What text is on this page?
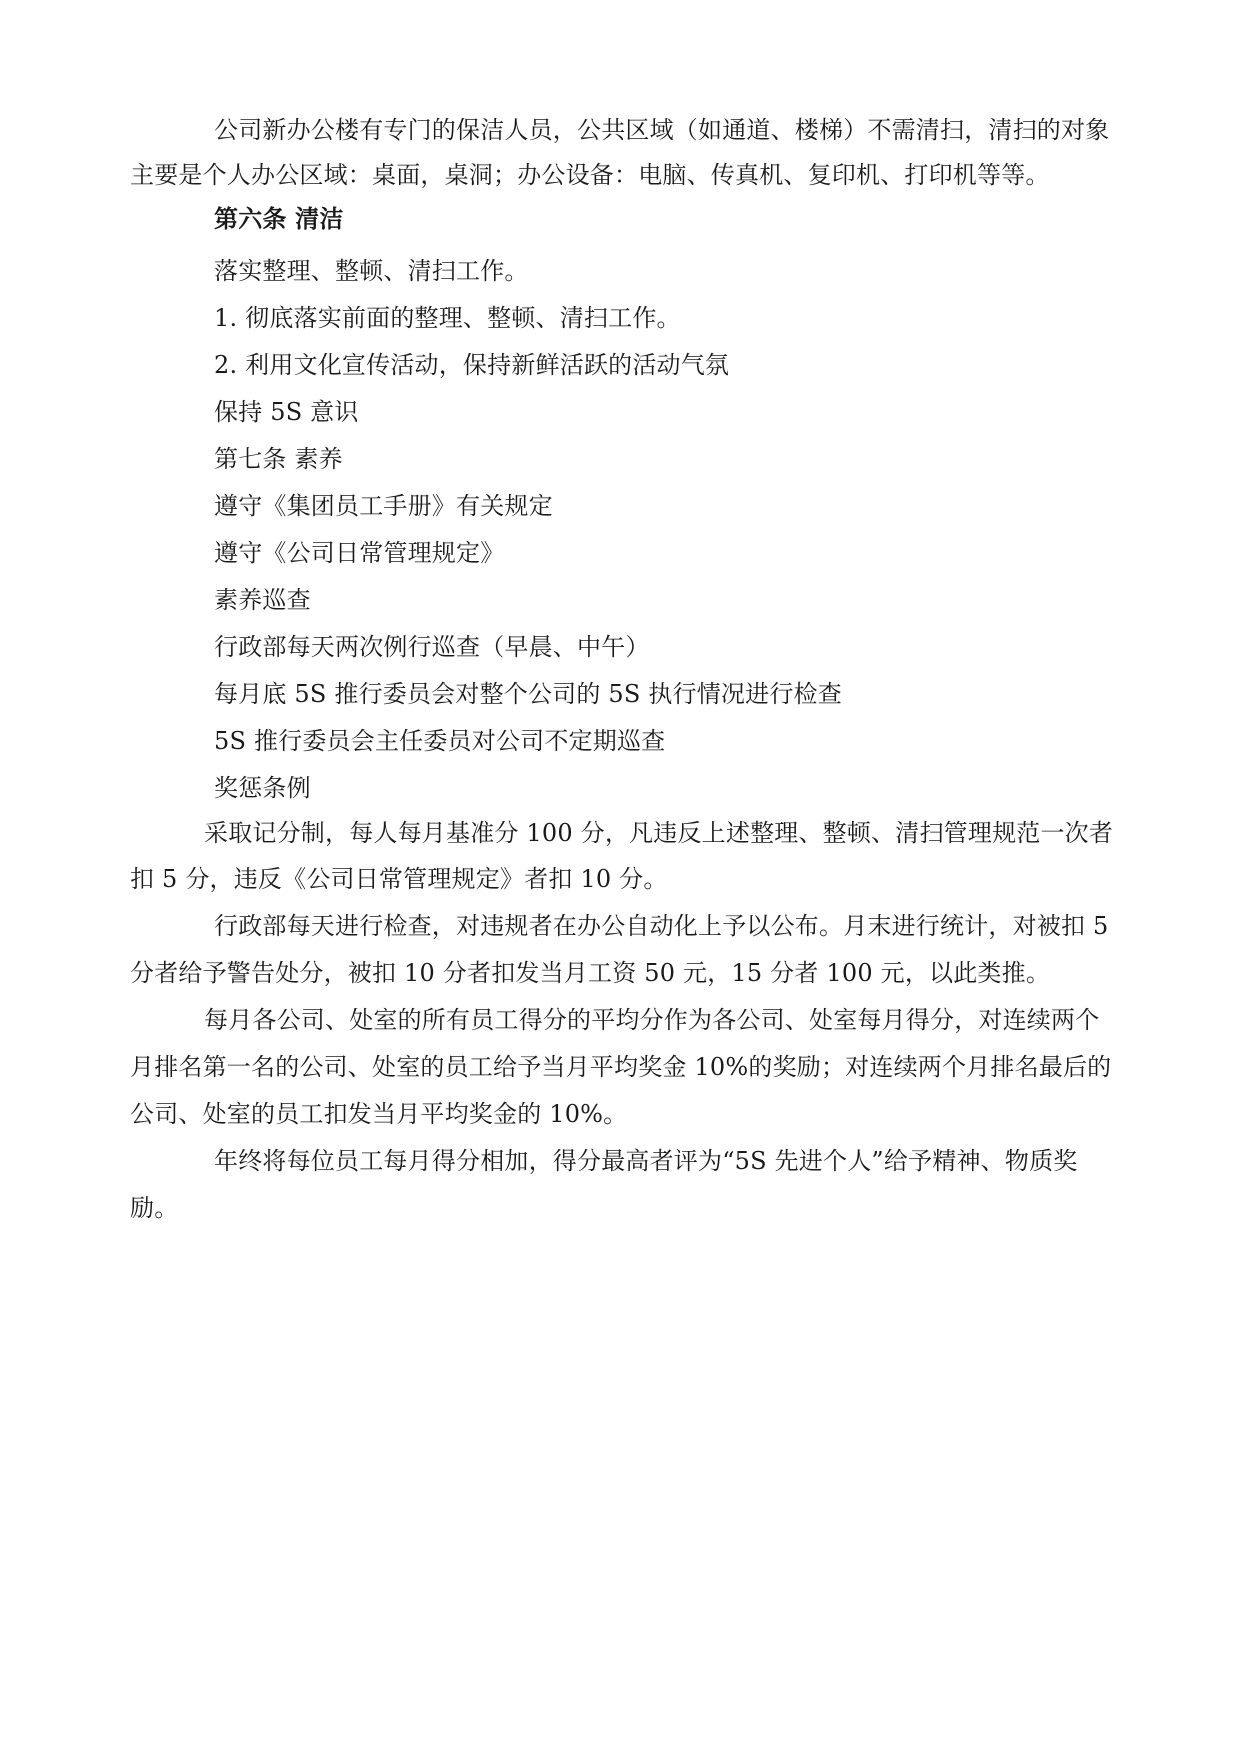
公司新办公楼有专门的保洁人员，公共区域（如通道、楼梯）不需清扫，清扫的对象
主要是个人办公区域：桌面，桌洞；办公设备：电脑、传真机、复印机、打印机等等。
第六条 清洁
落实整理、整顿、清扫工作。
1. 彻底落实前面的整理、整顿、清扫工作。
2. 利用文化宣传活动，保持新鲜活跃的活动气氛
保持 5S 意识
第七条 素养
遵守《集团员工手册》有关规定
遵守《公司日常管理规定》
素养巡查
行政部每天两次例行巡查（早晨、中午）
每月底 5S 推行委员会对整个公司的 5S 执行情况进行检查
5S 推行委员会主任委员对公司不定期巡查
奖惩条例
采取记分制，每人每月基准分 100 分，凡违反上述整理、整顿、清扫管理规范一次者
扣 5 分，违反《公司日常管理规定》者扣 10 分。
行政部每天进行检查，对违规者在办公自动化上予以公布。月末进行统计，对被扣 5
分者给予警告处分，被扣 10 分者扣发当月工资 50 元，15 分者 100 元，以此类推。
每月各公司、处室的所有员工得分的平均分作为各公司、处室每月得分，对连续两个
月排名第一名的公司、处室的员工给予当月平均奖金 10%的奖励；对连续两个月排名最后的
公司、处室的员工扣发当月平均奖金的 10%。
年终将每位员工每月得分相加，得分最高者评为“5S 先进个人”给予精神、物质奖
励。
